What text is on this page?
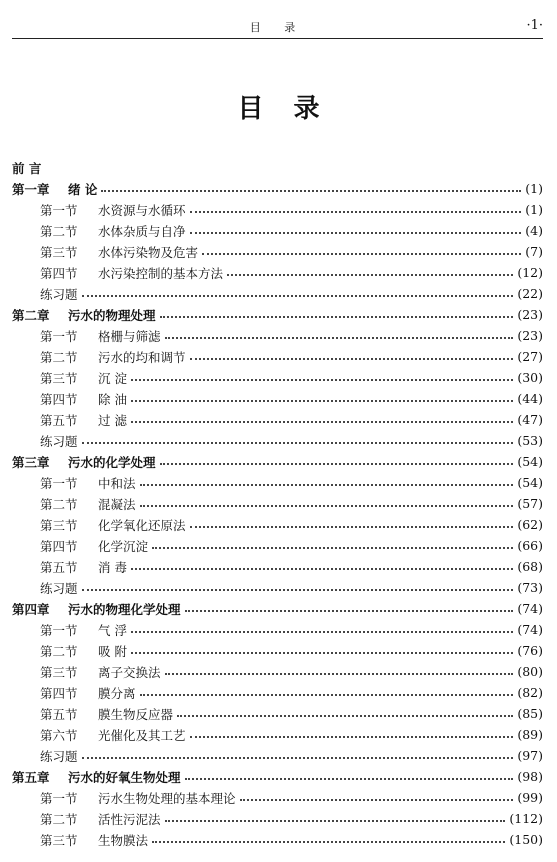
目 录	·1·
目录
前 言
第一章	绪 论	(1)
第一节	水资源与水循环	(1)
第二节	水体杂质与自净	(4)
第三节	水体污染物及危害	(7)
第四节	水污染控制的基本方法	(12)
练习题	(22)
第二章	污水的物理处理	(23)
第一节	格栅与筛滤	(23)
第二节	污水的均和调节	(27)
第三节	沉 淀	(30)
第四节	除 油	(44)
第五节	过 滤	(47)
练习题	(53)
第三章	污水的化学处理	(54)
第一节	中和法	(54)
第二节	混凝法	(57)
第三节	化学氧化还原法	(62)
第四节	化学沉淀	(66)
第五节	消 毒	(68)
练习题	(73)
第四章	污水的物理化学处理	(74)
第一节	气 浮	(74)
第二节	吸 附	(76)
第三节	离子交换法	(80)
第四节	膜分离	(82)
第五节	膜生物反应器	(85)
第六节	光催化及其工艺	(89)
练习题	(97)
第五章	污水的好氧生物处理	(98)
第一节	污水生物处理的基本理论	(99)
第二节	活性污泥法	(112)
第三节	生物膜法	(150)
